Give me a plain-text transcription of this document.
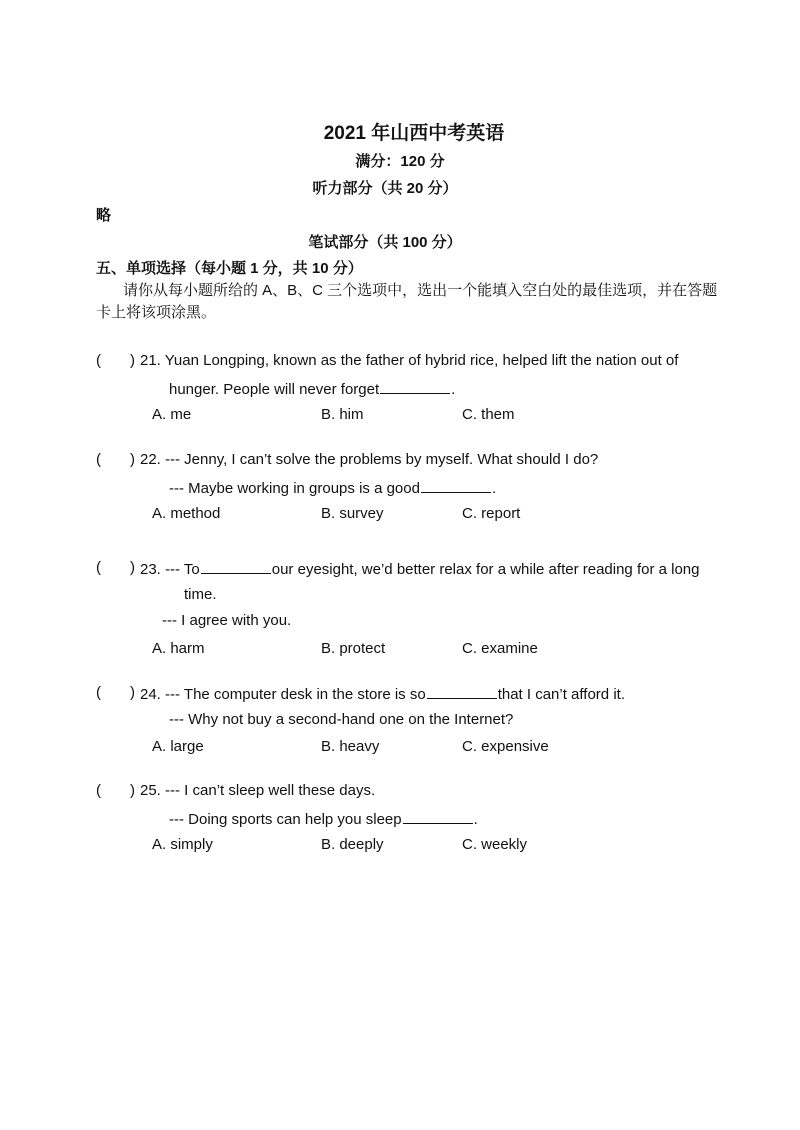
2021 年山西中考英语
满分：120 分
听力部分（共 20 分）
略
笔试部分（共 100 分）
五、单项选择（每小题 1 分，共 10 分）
请你从每小题所给的 A、B、C 三个选项中，选出一个能填入空白处的最佳选项，并在答题
卡上将该项涂黑。
( ) 21. Yuan Longping, known as the father of hybrid rice, helped lift the nation out of
hunger. People will never forget	.
A. me	B. him	C. them
( ) 22. --- Jenny, I can’t solve the problems by myself. What should I do?
--- Maybe working in groups is a good	.
A. method	B. survey	C. report
( ) 23. --- To	our eyesight, we’d better relax for a while after reading for a long
time.
--- I agree with you.
A. harm	B. protect	C. examine
( ) 24. --- The computer desk in the store is so	that I can’t afford it.
--- Why not buy a second-hand one on the Internet?
A. large	B. heavy	C. expensive
( ) 25. --- I can’t sleep well these days.
--- Doing sports can help you sleep	.
A. simply	B. deeply	C. weekly
